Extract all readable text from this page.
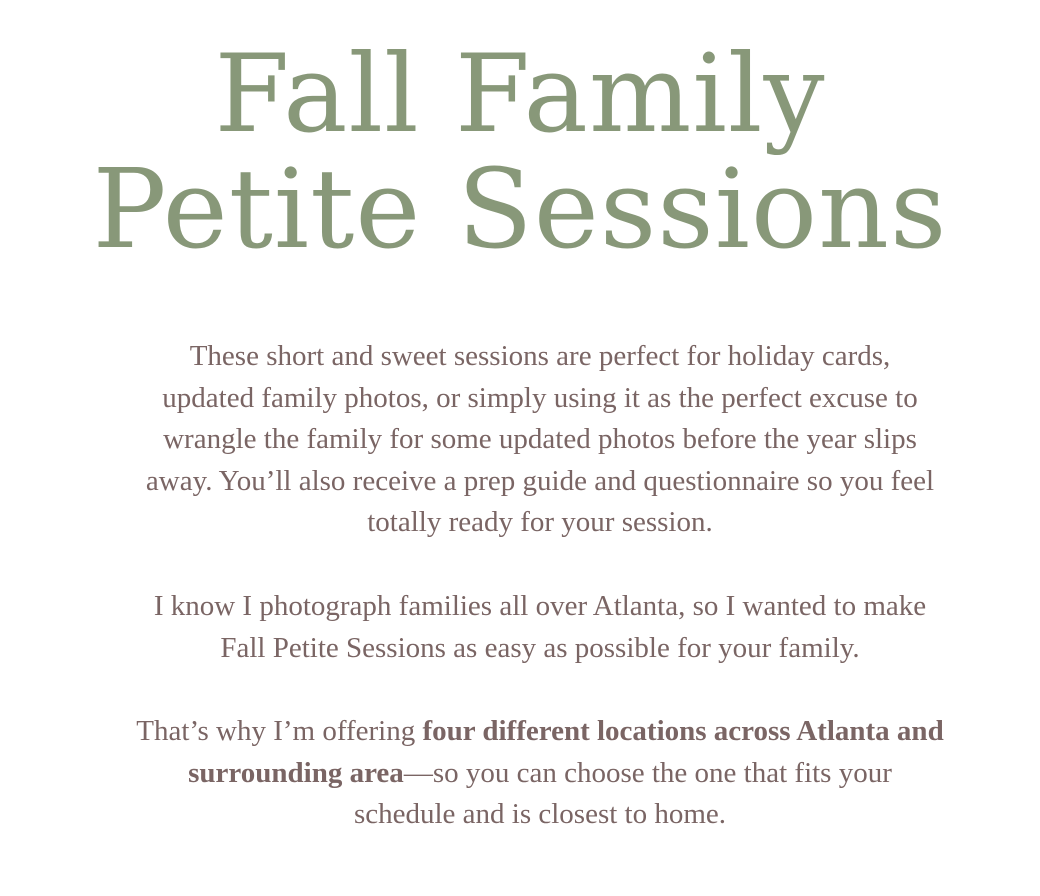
Fall Family
Petite Sessions

These short and sweet sessions are perfect for holiday cards,
updated family photos, or simply using it as the perfect excuse to
wrangle the family for some updated photos before the year slips
away. You’ll also receive a prep guide and questionnaire so you feel
totally ready for your session.

I know I photograph families all over Atlanta, so I wanted to make
Fall Petite Sessions as easy as possible for your family.

That’s why I’m offering four different locations across Atlanta and
surrounding area—so you can choose the one that fits your
schedule and is closest to home.
